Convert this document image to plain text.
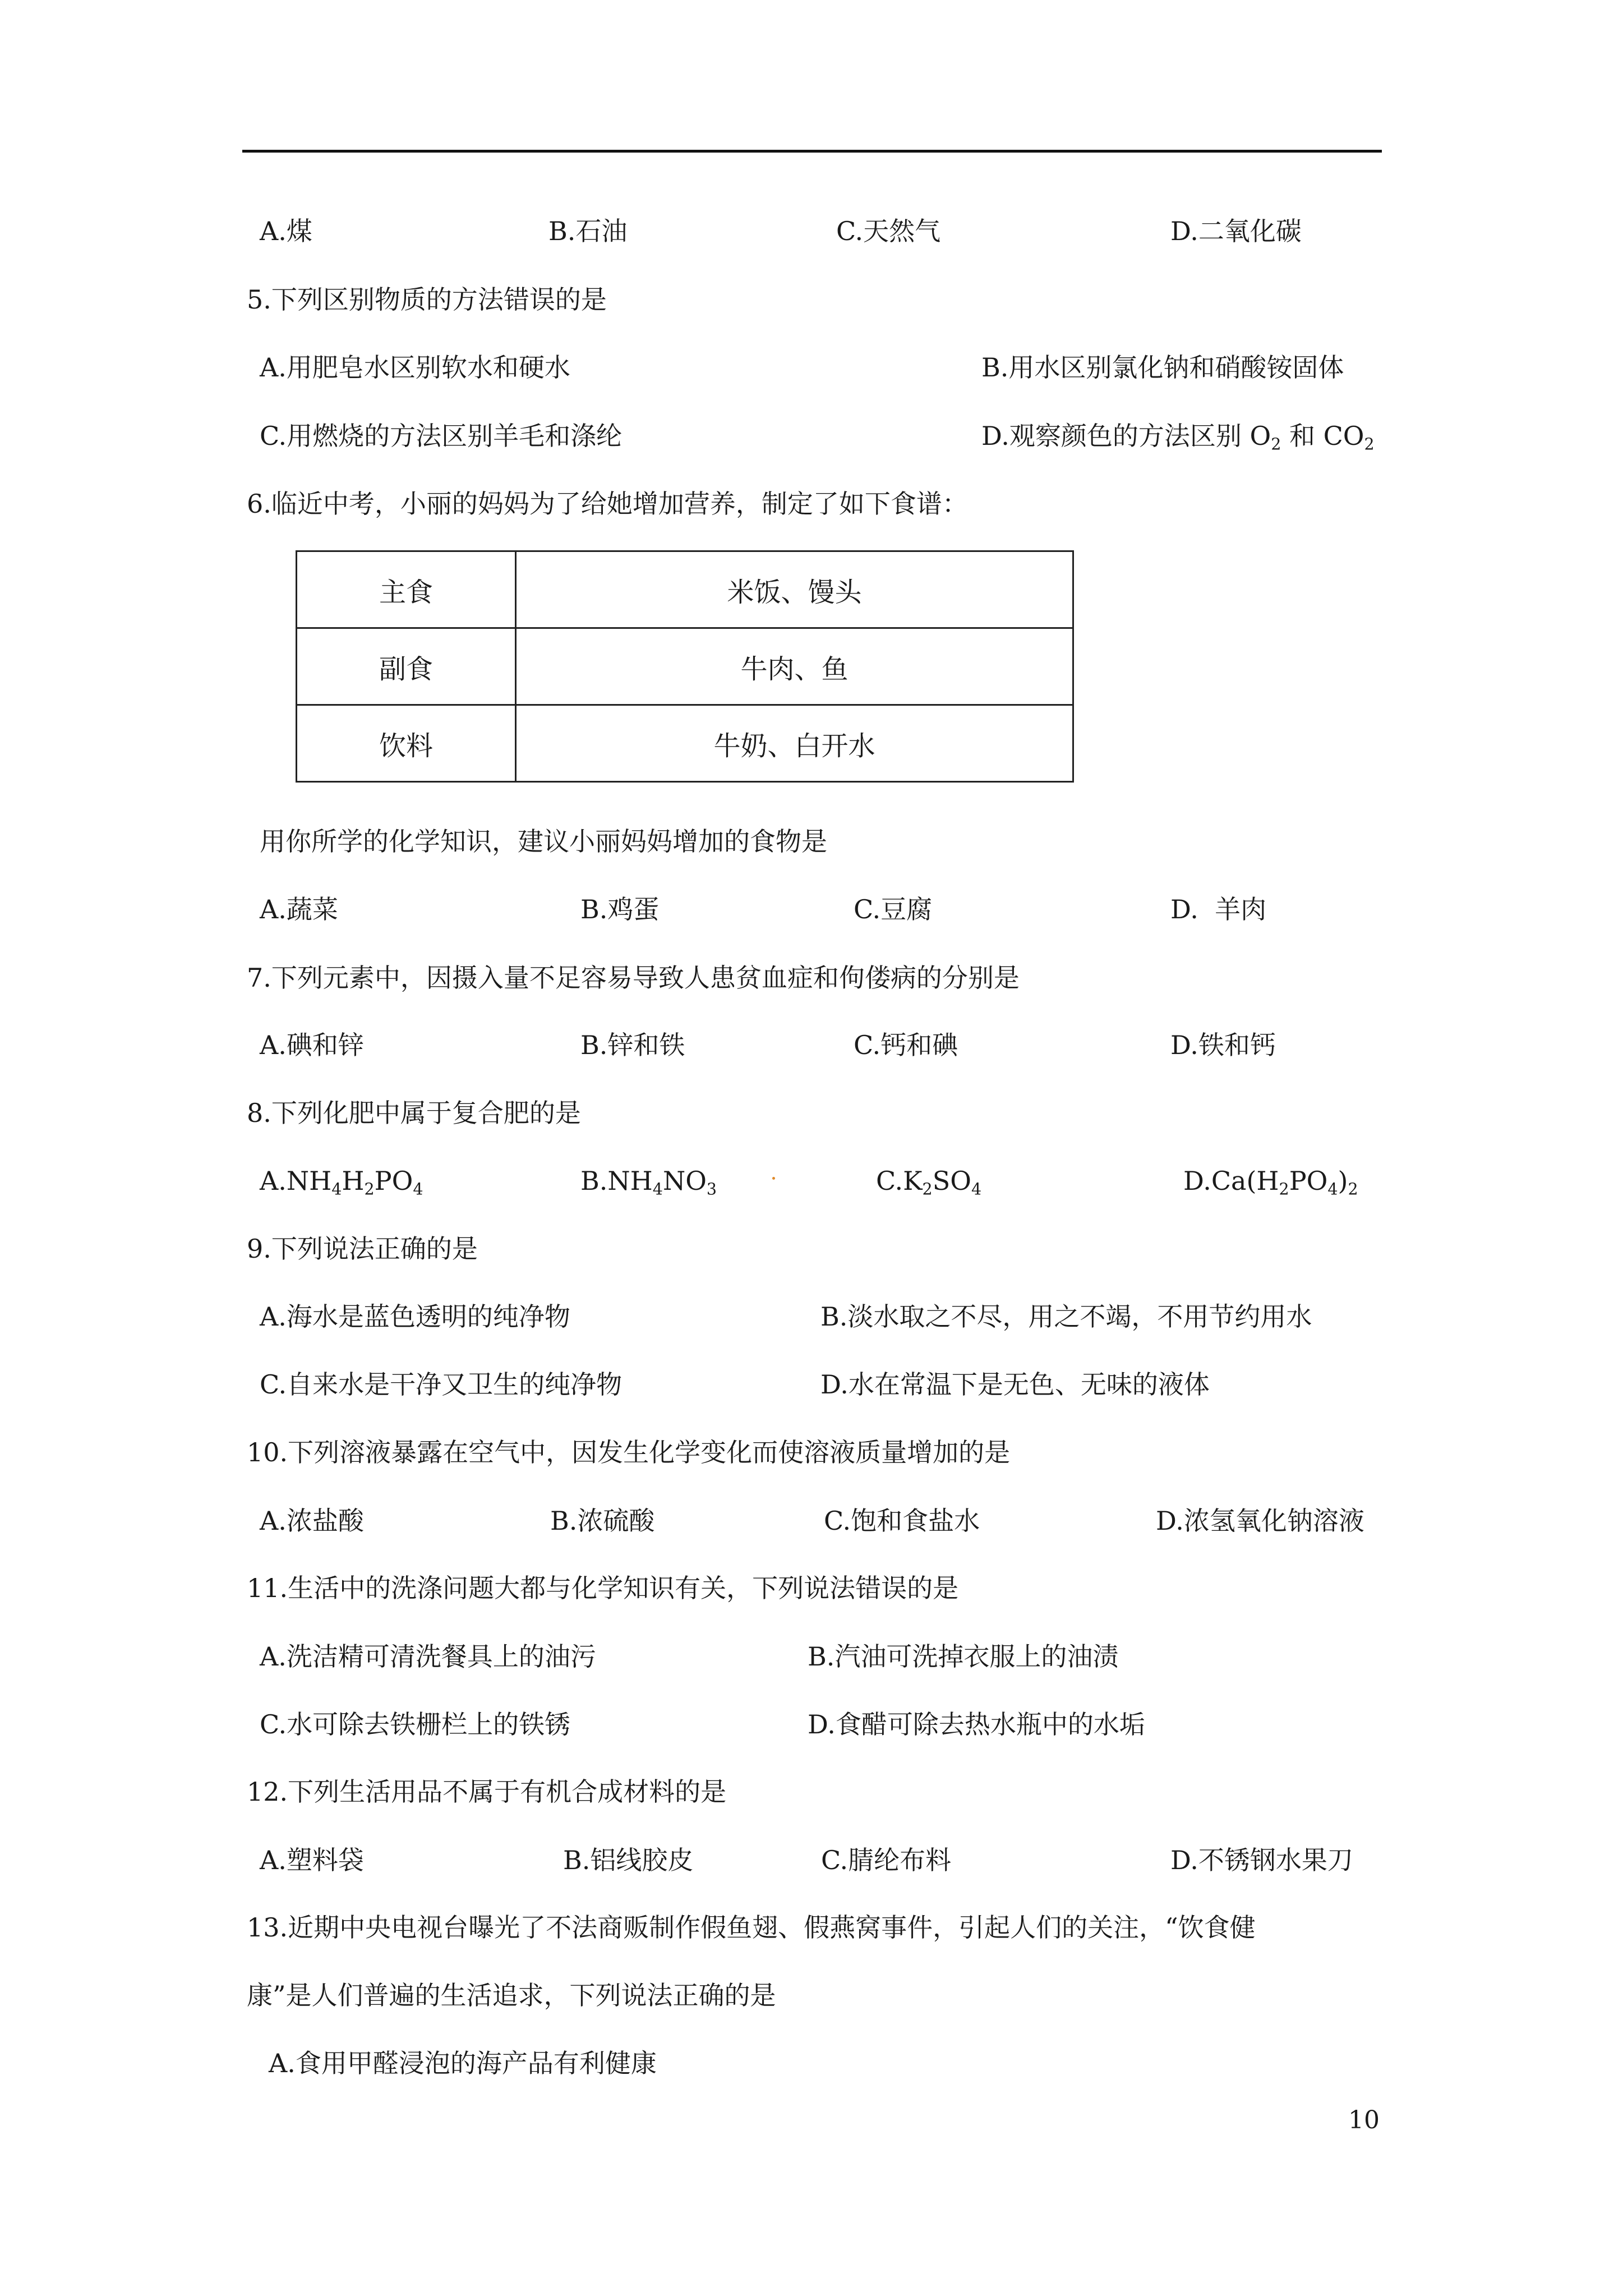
A.煤	B.石油	C.天然气	D.二氧化碳
5.下列区别物质的方法错误的是
A.用肥皂水区别软水和硬水	B.用水区别氯化钠和硝酸铵固体
C.用燃烧的方法区别羊毛和涤纶	D.观察颜色的方法区别 $O_2$ 和 $CO_2$
6.临近中考，小丽的妈妈为了给她增加营养，制定了如下食谱：
主食	米饭、馒头
副食	牛肉、鱼
饮料	牛奶、白开水
用你所学的化学知识，建议小丽妈妈增加的食物是
A.蔬菜	B.鸡蛋	C.豆腐	D.  羊肉
7.下列元素中，因摄入量不足容易导致人患贫血症和佝偻病的分别是
A.碘和锌	B.锌和铁	C.钙和碘	D.铁和钙
8.下列化肥中属于复合肥的是
$A.NH_4H_2PO_4$	$B.NH_4NO_3$	$C.K_2SO_4$	$D.Ca(H_2PO_4)_2$
9.下列说法正确的是
A.海水是蓝色透明的纯净物	B.淡水取之不尽，用之不竭，不用节约用水
C.自来水是干净又卫生的纯净物	D.水在常温下是无色、无味的液体
10.下列溶液暴露在空气中，因发生化学变化而使溶液质量增加的是
A.浓盐酸	B.浓硫酸	C.饱和食盐水	D.浓氢氧化钠溶液
11.生活中的洗涤问题大都与化学知识有关，下列说法错误的是
A.洗洁精可清洗餐具上的油污	B.汽油可洗掉衣服上的油渍
C.水可除去铁栅栏上的铁锈	D.食醋可除去热水瓶中的水垢
12.下列生活用品不属于有机合成材料的是
A.塑料袋	B.铝线胶皮	C.腈纶布料	D.不锈钢水果刀
13.近期中央电视台曝光了不法商贩制作假鱼翅、假燕窝事件，引起人们的关注，“饮食健
康”是人们普遍的生活追求，下列说法正确的是
A.食用甲醛浸泡的海产品有利健康
10
